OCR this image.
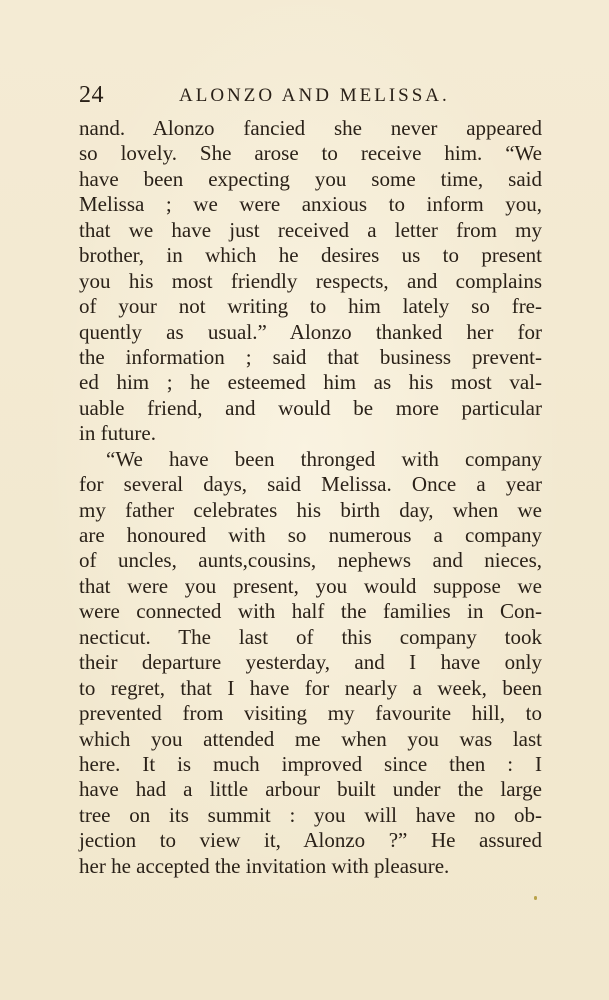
24	ALONZO AND MELISSA.
nand. Alonzo fancied she never appeared
so lovely. She arose to receive him. “We
have been expecting you some time, said
Melissa ; we were anxious to inform you,
that we have just received a letter from my
brother, in which he desires us to present
you his most friendly respects, and complains
of your not writing to him lately so fre-
quently as usual.” Alonzo thanked her for
the information ; said that business prevent-
ed him ; he esteemed him as his most val-
uable friend, and would be more particular
in future.
“We have been thronged with company
for several days, said Melissa. Once a year
my father celebrates his birth day, when we
are honoured with so numerous a company
of uncles, aunts,cousins, nephews and nieces,
that were you present, you would suppose we
were connected with half the families in Con-
necticut. The last of this company took
their departure yesterday, and I have only
to regret, that I have for nearly a week, been
prevented from visiting my favourite hill, to
which you attended me when you was last
here. It is much improved since then : I
have had a little arbour built under the large
tree on its summit : you will have no ob-
jection to view it, Alonzo ?” He assured
her he accepted the invitation with pleasure.
